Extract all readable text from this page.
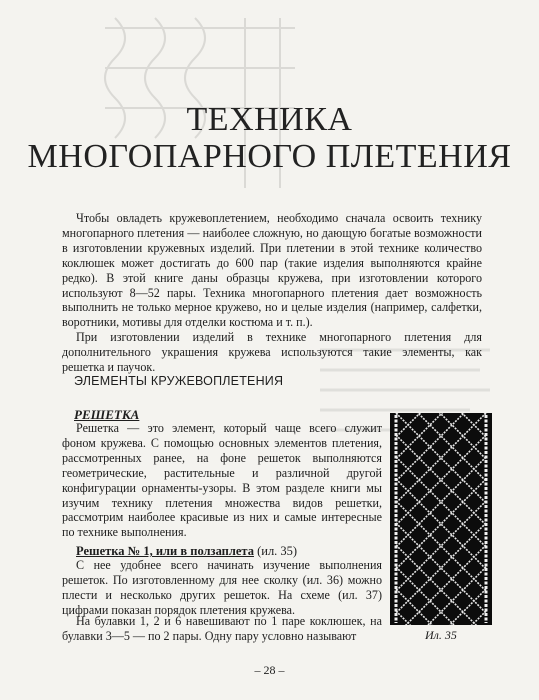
ТЕХНИКА
МНОГОПАРНОГО ПЛЕТЕНИЯ

Чтобы овладеть кружевоплетением, необходимо сначала освоить технику многопарного плетения — наиболее сложную, но дающую богатые возможности в изготовлении кружевных изделий. При плетении в этой технике количество коклюшек может достигать до 600 пар (такие изделия выполняются крайне редко). В этой книге даны образцы кружева, при изготовлении которого используют 8—52 пары. Техника многопарного плетения дает возможность выполнить не только мерное кружево, но и целые изделия (например, салфетки, воротники, мотивы для отделки костюма и т. п.).

При изготовлении изделий в технике многопарного плетения для дополнительного украшения кружева используются такие элементы, как решетка и паучок.

ЭЛЕМЕНТЫ КРУЖЕВОПЛЕТЕНИЯ
РЕШЕТКА

Решетка — это элемент, который чаще всего служит фоном кружева. С помощью основных элементов плетения, рассмотренных ранее, на фоне решеток выполняются геометрические, растительные и различной другой конфигурации орнаменты-узоры. В этом разделе книги мы изучим технику плетения множества видов решетки, рассмотрим наиболее красивые из них и самые интересные по технике выполнения.

Решетка № 1, или в ползаплета (ил. 35)

С нее удобнее всего начинать изучение выполнения решеток. По изготовленному для нее сколку (ил. 36) можно плести и несколько других решеток. На схеме (ил. 37) цифрами показан порядок плетения кружева.

На булавки 1, 2 и 6 навешивают по 1 паре коклюшек, на булавки 3—5 — по 2 пары. Одну пару условно называют	Ил. 35
– 28 –
